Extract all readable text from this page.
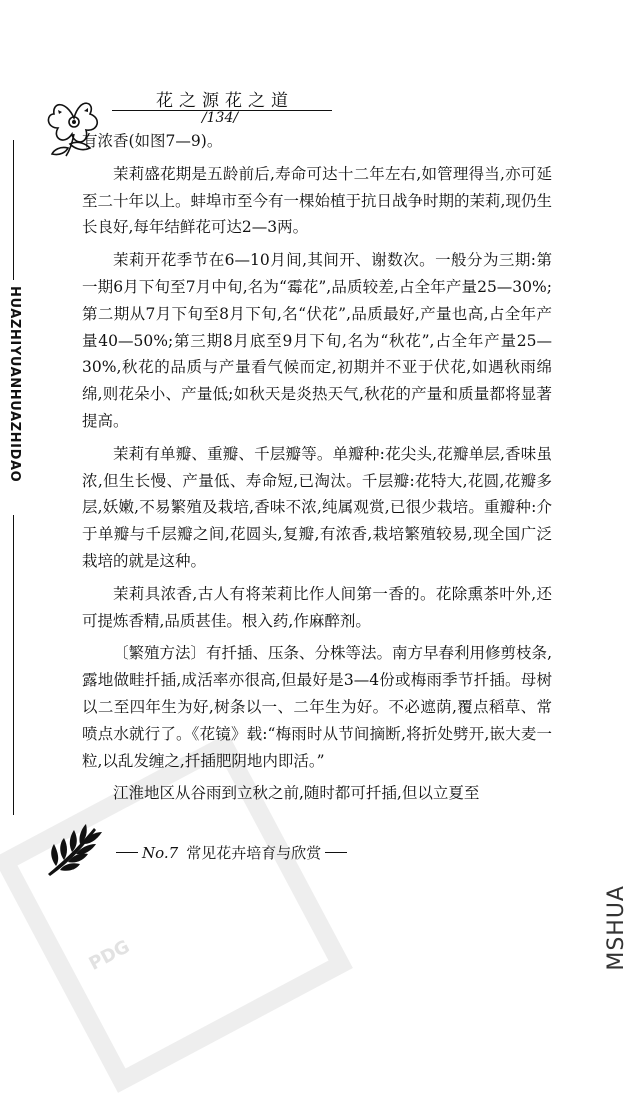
PDG
花之源花之道
/134/
HUAZHIYUANHUAZHIDAO

有浓香(如图7—9)。

茉莉盛花期是五龄前后,寿命可达十二年左右,如管理得当,亦可延至二十年以上。蚌埠市至今有一棵始植于抗日战争时期的茉莉,现仍生长良好,每年结鲜花可达2—3两。

茉莉开花季节在6—10月间,其间开、谢数次。一般分为三期:第一期6月下旬至7月中旬,名为“霉花”,品质较差,占全年产量25—30%;第二期从7月下旬至8月下旬,名“伏花”,品质最好,产量也高,占全年产量40—50%;第三期8月底至9月下旬,名为“秋花”,占全年产量25—30%,秋花的品质与产量看气候而定,初期并不亚于伏花,如遇秋雨绵绵,则花朵小、产量低;如秋天是炎热天气,秋花的产量和质量都将显著提高。

茉莉有单瓣、重瓣、千层瓣等。单瓣种:花尖头,花瓣单层,香味虽浓,但生长慢、产量低、寿命短,已淘汰。千层瓣:花特大,花圆,花瓣多层,妖嫩,不易繁殖及栽培,香味不浓,纯属观赏,已很少栽培。重瓣种:介于单瓣与千层瓣之间,花圆头,复瓣,有浓香,栽培繁殖较易,现全国广泛栽培的就是这种。

茉莉具浓香,古人有将茉莉比作人间第一香的。花除熏茶叶外,还可提炼香精,品质甚佳。根入药,作麻醉剂。

〔繁殖方法〕有扦插、压条、分株等法。南方早春利用修剪枝条,露地做畦扦插,成活率亦很高,但最好是3—4份或梅雨季节扦插。母树以二至四年生为好,树条以一、二年生为好。不必遮荫,覆点稻草、常喷点水就行了。《花镜》载:“梅雨时从节间摘断,将折处劈开,嵌大麦一粒,以乱发缠之,扦插肥阴地内即活。”

江淮地区从谷雨到立秋之前,随时都可扦插,但以立夏至

No.7 常见花卉培育与欣赏
MSHUA
